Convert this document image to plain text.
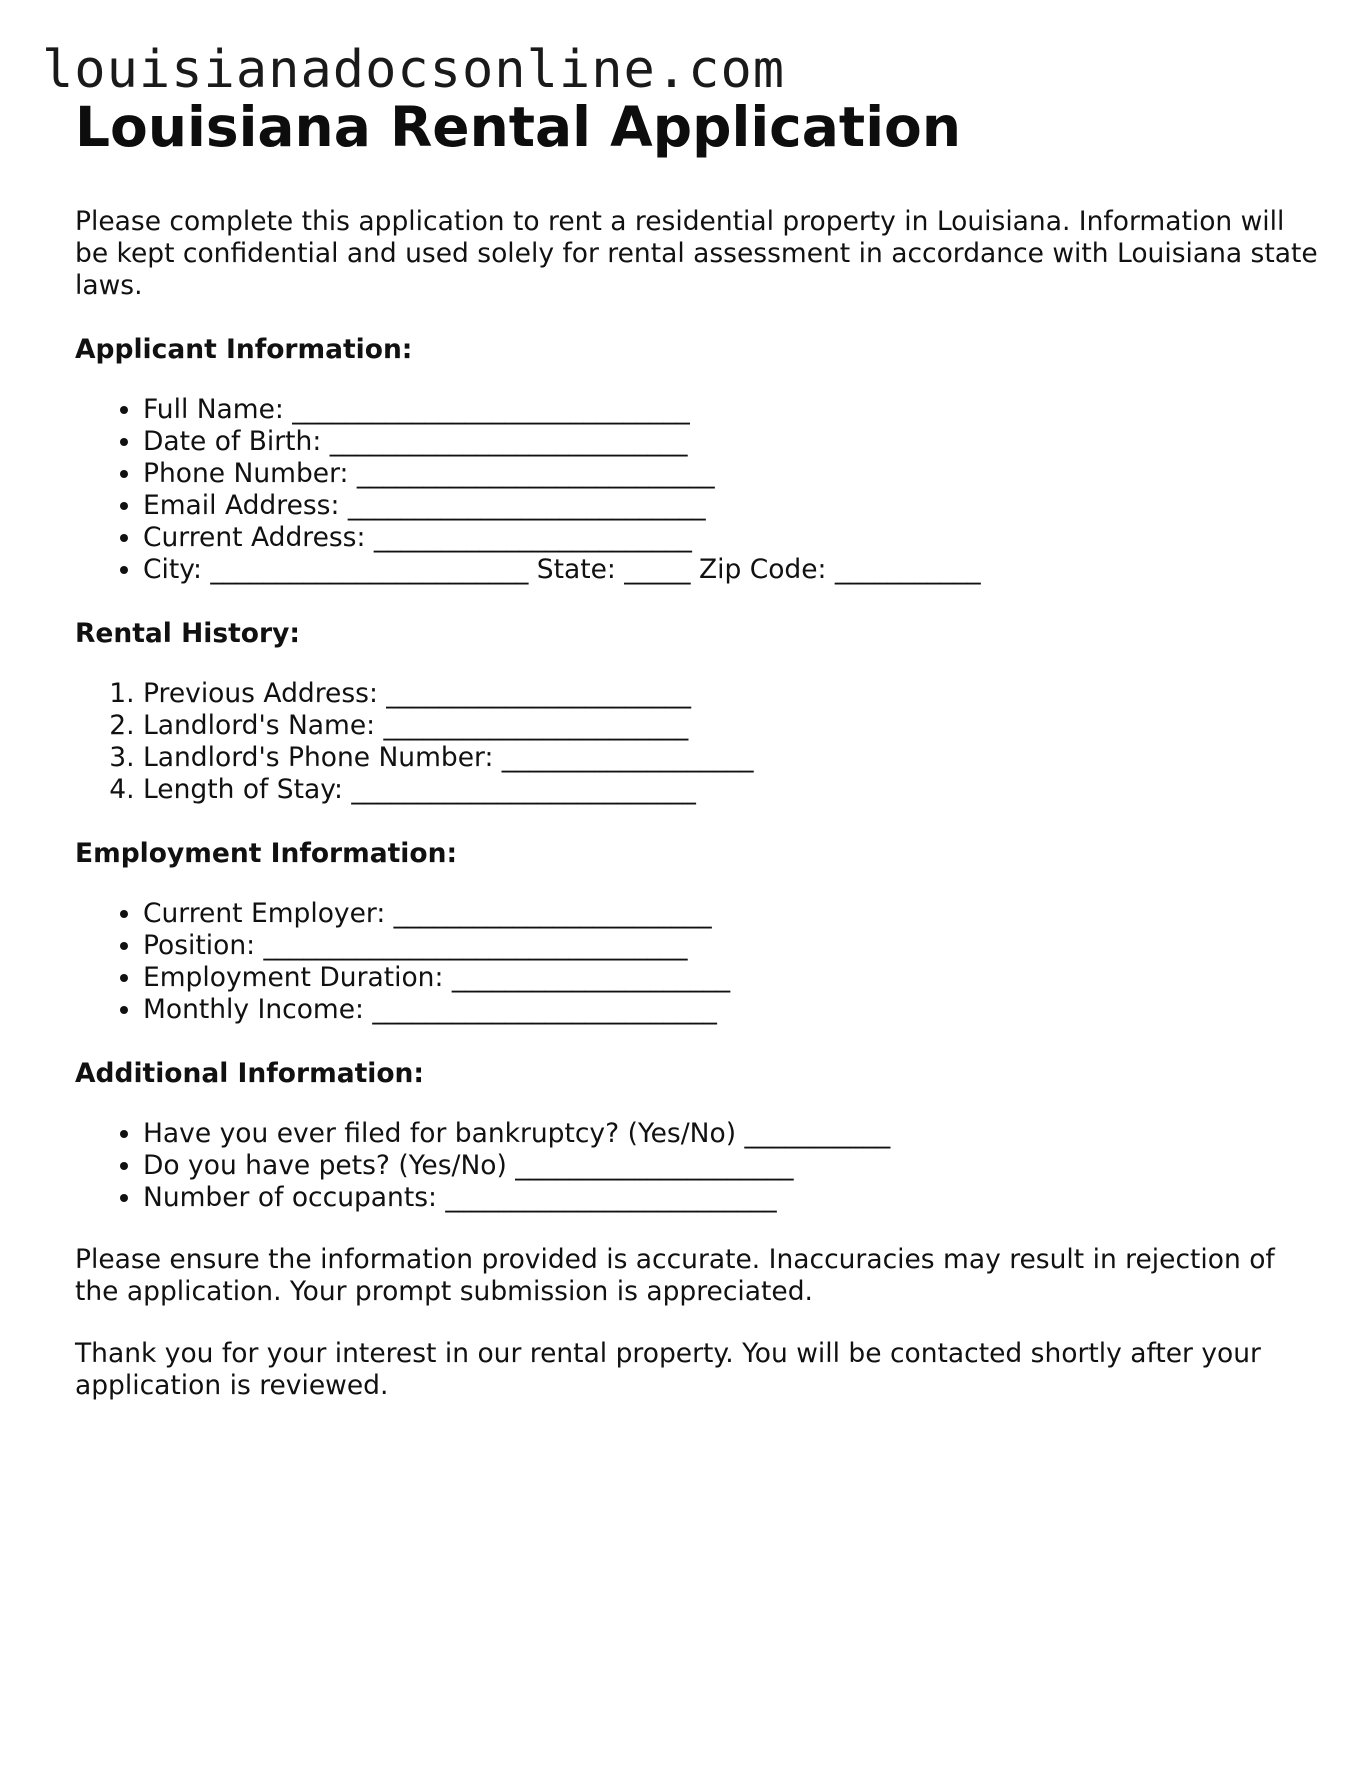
louisianadocsonline.com
Louisiana Rental Application

Please complete this application to rent a residential property in Louisiana. Information will be kept confidential and used solely for rental assessment in accordance with Louisiana state laws.

Applicant Information:
• Full Name: ______________________________
• Date of Birth: ___________________________
• Phone Number: ___________________________
• Email Address: ___________________________
• Current Address: ________________________
• City: ________________________ State: _____ Zip Code: ___________
Rental History:
1. Previous Address: _______________________
2. Landlord's Name: _______________________
3. Landlord's Phone Number: ___________________
4. Length of Stay: __________________________
Employment Information:
• Current Employer: ________________________
• Position: ________________________________
• Employment Duration: _____________________
• Monthly Income: __________________________
Additional Information:
• Have you ever filed for bankruptcy? (Yes/No) ___________
• Do you have pets? (Yes/No) _____________________
• Number of occupants: _________________________

Please ensure the information provided is accurate. Inaccuracies may result in rejection of the application. Your prompt submission is appreciated.

Thank you for your interest in our rental property. You will be contacted shortly after your application is reviewed.
